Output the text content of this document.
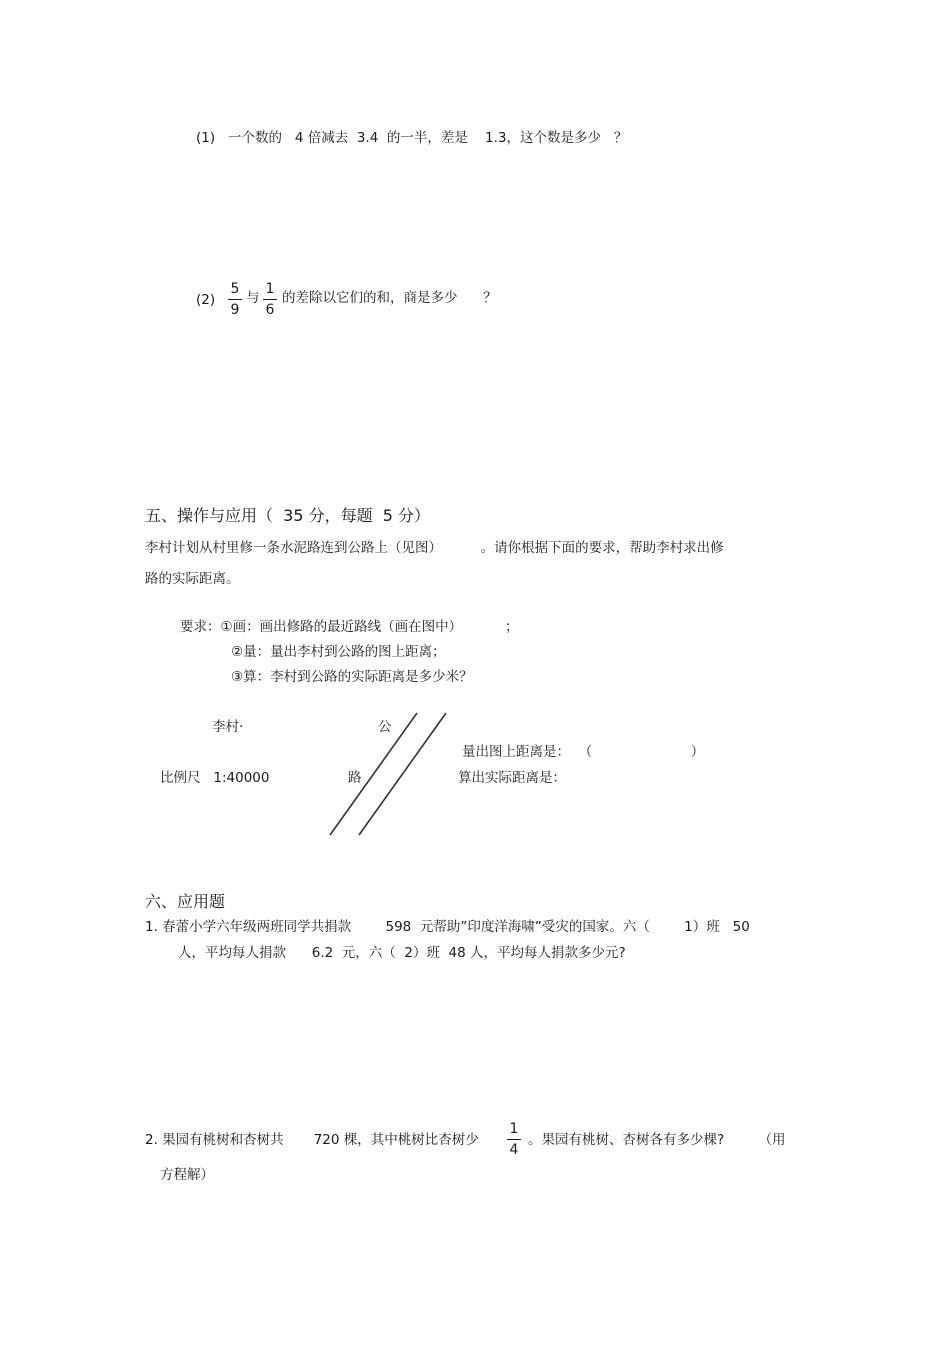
(1) 一个数的   4 倍减去  3.4  的一半，差是    1.3，这个数是多少   ？
(2)
5
9
与
1
6
的差除以它们的和，商是多少      ？
五、操作与应用（  35 分，每题  5 分）
李村计划从村里修一条水泥路连到公路上（见图）         。请你根据下面的要求，帮助李村求出修
路的实际距离。
要求：①画：画出修路的最近路线（画在图中）          ；
②量：量出李村到公路的图上距离；
③算：李村到公路的实际距离是多少米？
李村·	公
路
比例尺   1:40000
量出图上距离是：  （                       ）
算出实际距离是：
六、应用题
1. 春蕾小学六年级两班同学共捐款        598  元帮助”印度洋海啸”受灾的国家。六（        1）班   50
人，平均每人捐款      6.2  元，六（  2）班  48 人，平均每人捐款多少元?
2. 果园有桃树和杏树共       720 棵，其中桃树比杏树少
1
4
。果园有桃树、杏树各有多少棵?        （用
方程解）
